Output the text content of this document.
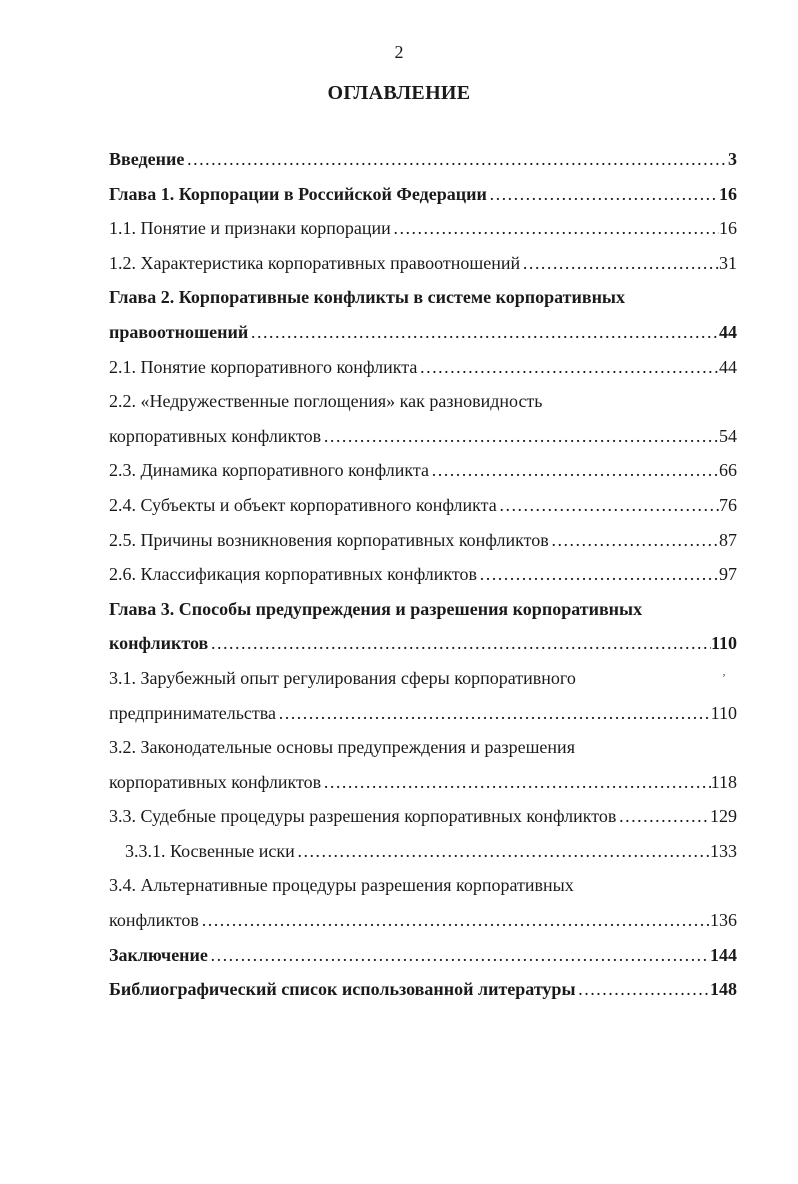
2
ОГЛАВЛЕНИЕ
ʼ
Введение …………………………………………………………………………………………………………………………………………………………………………………………………	3
Глава 1. Корпорации в Российской Федерации …………………………………………………………………………………………………………………………………………………………………………………………………	16
1.1. Понятие и признаки корпорации …………………………………………………………………………………………………………………………………………………………………………………………………	16
1.2. Характеристика корпоративных правоотношений …………………………………………………………………………………………………………………………………………………………………………………………………	31
Глава 2. Корпоративные конфликты в системе корпоративных
правоотношений …………………………………………………………………………………………………………………………………………………………………………………………………	44
2.1. Понятие корпоративного конфликта …………………………………………………………………………………………………………………………………………………………………………………………………	44
2.2. «Недружественные поглощения» как разновидность
корпоративных конфликтов …………………………………………………………………………………………………………………………………………………………………………………………………	54
2.3. Динамика корпоративного конфликта …………………………………………………………………………………………………………………………………………………………………………………………………	66
2.4. Субъекты и объект корпоративного конфликта …………………………………………………………………………………………………………………………………………………………………………………………………	76
2.5. Причины возникновения корпоративных конфликтов …………………………………………………………………………………………………………………………………………………………………………………………………	87
2.6. Классификация корпоративных конфликтов …………………………………………………………………………………………………………………………………………………………………………………………………	97
Глава 3. Способы предупреждения и разрешения корпоративных
конфликтов …………………………………………………………………………………………………………………………………………………………………………………………………	110
3.1. Зарубежный опыт регулирования сферы корпоративного
предпринимательства …………………………………………………………………………………………………………………………………………………………………………………………………	110
3.2. Законодательные основы предупреждения и разрешения
корпоративных конфликтов …………………………………………………………………………………………………………………………………………………………………………………………………	118
3.3. Судебные процедуры разрешения корпоративных конфликтов …………………………………………………………………………………………………………………………………………………………………………………………………	129
3.3.1. Косвенные иски …………………………………………………………………………………………………………………………………………………………………………………………………	133
3.4. Альтернативные процедуры разрешения корпоративных
конфликтов …………………………………………………………………………………………………………………………………………………………………………………………………	136
Заключение …………………………………………………………………………………………………………………………………………………………………………………………………	144
Библиографический список использованной литературы …………………………………………………………………………………………………………………………………………………………………………………………………	148
